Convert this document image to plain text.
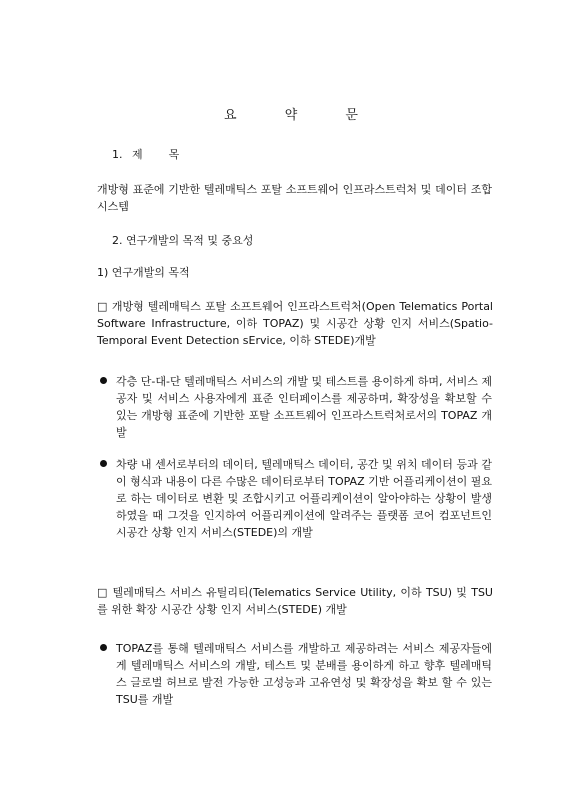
요 약 문
1. 제 목

개방형 표준에 기반한 텔레매틱스 포탈 소프트웨어 인프라스트럭처 및 데이터 조합 시스템

2. 연구개발의 목적 및 중요성
1) 연구개발의 목적

□ 개방형 텔레매틱스 포탈 소프트웨어 인프라스트럭처(Open Telematics Portal Software Infrastructure, 이하 TOPAZ) 및 시공간 상황 인지 서비스(Spatio-Temporal Event Detection sErvice, 이하 STEDE)개발

각층 단-대-단 텔레매틱스 서비스의 개발 및 테스트를 용이하게 하며, 서비스 제공자 및 서비스 사용자에게 표준 인터페이스를 제공하며, 확장성을 확보할 수 있는 개방형 표준에 기반한 포탈 소프트웨어 인프라스트럭처로서의 TOPAZ 개발
차량 내 센서로부터의 데이터, 텔레매틱스 데이터, 공간 및 위치 데이터 등과 같이 형식과 내용이 다른 수많은 데이터로부터 TOPAZ 기반 어플리케이션이 필요로 하는 데이터로 변환 및 조합시키고 어플리케이션이 알아야하는 상황이 발생하였을 때 그것을 인지하여 어플리케이션에 알려주는 플랫폼 코어 컴포넌트인 시공간 상황 인지 서비스(STEDE)의 개발

□ 텔레매틱스 서비스 유틸리티(Telematics Service Utility, 이하 TSU) 및 TSU를 위한 확장 시공간 상황 인지 서비스(STEDE) 개발

TOPAZ를 통해 텔레매틱스 서비스를 개발하고 제공하려는 서비스 제공자들에게 텔레매틱스 서비스의 개발, 테스트 및 분배를 용이하게 하고 향후 텔레매틱스 글로벌 허브로 발전 가능한 고성능과 고유연성 및 확장성을 확보 할 수 있는 TSU를 개발
